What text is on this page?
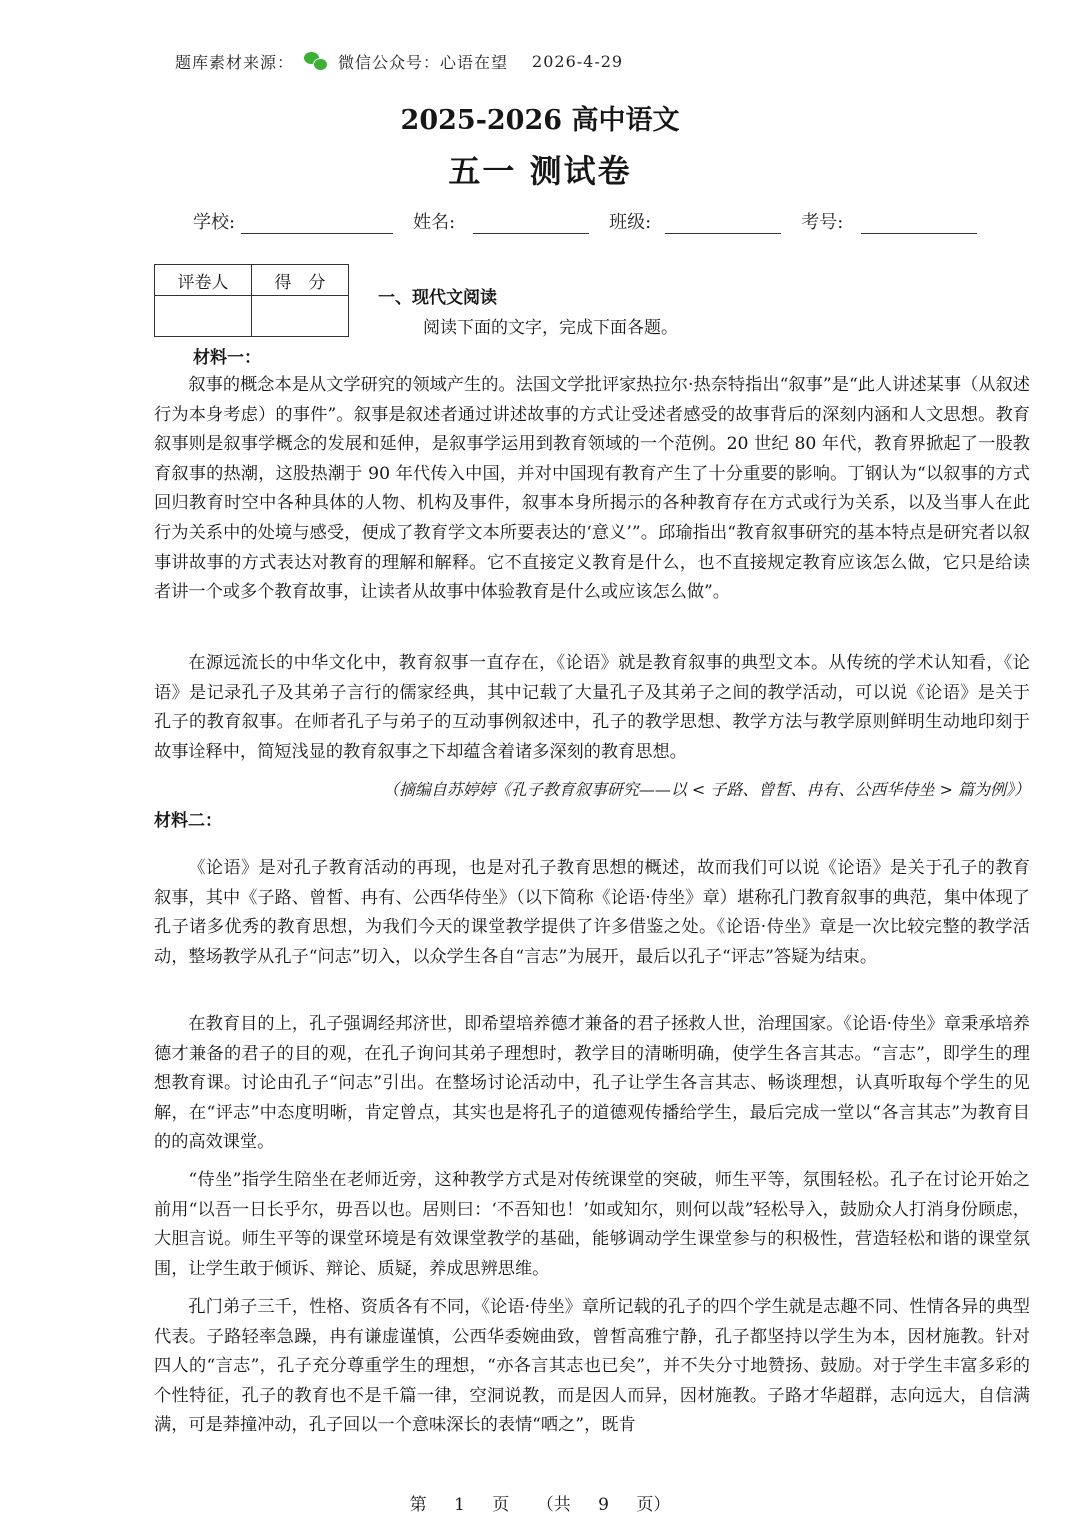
题库素材来源：	微信公众号：心语在望 2026-4-29
2025-2026 高中语文
五一 测试卷
学校:	姓名:	班级:	考号:
评卷人	得　分

一、现代文阅读
阅读下面的文字，完成下面各题。
材料一：

叙事的概念本是从文学研究的领域产生的。法国文学批评家热拉尔·热奈特指出“叙事”是“此人讲述某事（从叙述行为本身考虑）的事件”。叙事是叙述者通过讲述故事的方式让受述者感受的故事背后的深刻内涵和人文思想。教育叙事则是叙事学概念的发展和延伸，是叙事学运用到教育领域的一个范例。20 世纪 80 年代，教育界掀起了一股教育叙事的热潮，这股热潮于 90 年代传入中国，并对中国现有教育产生了十分重要的影响。丁钢认为“以叙事的方式回归教育时空中各种具体的人物、机构及事件，叙事本身所揭示的各种教育存在方式或行为关系，以及当事人在此行为关系中的处境与感受，便成了教育学文本所要表达的‘意义’”。邱瑜指出“教育叙事研究的基本特点是研究者以叙事讲故事的方式表达对教育的理解和解释。它不直接定义教育是什么，也不直接规定教育应该怎么做，它只是给读者讲一个或多个教育故事，让读者从故事中体验教育是什么或应该怎么做”。

在源远流长的中华文化中，教育叙事一直存在，《论语》就是教育叙事的典型文本。从传统的学术认知看，《论语》是记录孔子及其弟子言行的儒家经典，其中记载了大量孔子及其弟子之间的教学活动，可以说《论语》是关于孔子的教育叙事。在师者孔子与弟子的互动事例叙述中，孔子的教学思想、教学方法与教学原则鲜明生动地印刻于故事诠释中，简短浅显的教育叙事之下却蕴含着诸多深刻的教育思想。

（摘编自苏婷婷《孔子教育叙事研究——以 < 子路、曾皙、冉有、公西华侍坐 > 篇为例》）
材料二：

《论语》是对孔子教育活动的再现，也是对孔子教育思想的概述，故而我们可以说《论语》是关于孔子的教育叙事，其中《子路、曾皙、冉有、公西华侍坐》（以下简称《论语·侍坐》章）堪称孔门教育叙事的典范，集中体现了孔子诸多优秀的教育思想，为我们今天的课堂教学提供了许多借鉴之处。《论语·侍坐》章是一次比较完整的教学活动，整场教学从孔子“问志”切入，以众学生各自“言志”为展开，最后以孔子“评志”答疑为结束。

在教育目的上，孔子强调经邦济世，即希望培养德才兼备的君子拯救人世，治理国家。《论语·侍坐》章秉承培养德才兼备的君子的目的观，在孔子询问其弟子理想时，教学目的清晰明确，使学生各言其志。“言志”，即学生的理想教育课。讨论由孔子“问志”引出。在整场讨论活动中，孔子让学生各言其志、畅谈理想，认真听取每个学生的见解，在“评志”中态度明晰，肯定曾点，其实也是将孔子的道德观传播给学生，最后完成一堂以“各言其志”为教育目的的高效课堂。

“侍坐”指学生陪坐在老师近旁，这种教学方式是对传统课堂的突破，师生平等，氛围轻松。孔子在讨论开始之前用“以吾一日长乎尔，毋吾以也。居则曰：‘不吾知也！’如或知尔，则何以哉”轻松导入，鼓励众人打消身份顾虑，大胆言说。师生平等的课堂环境是有效课堂教学的基础，能够调动学生课堂参与的积极性，营造轻松和谐的课堂氛围，让学生敢于倾诉、辩论、质疑，养成思辨思维。

孔门弟子三千，性格、资质各有不同，《论语·侍坐》章所记载的孔子的四个学生就是志趣不同、性情各异的典型代表。子路轻率急躁，冉有谦虚谨慎，公西华委婉曲致，曾皙高雅宁静，孔子都坚持以学生为本，因材施教。针对四人的“言志”，孔子充分尊重学生的理想，“亦各言其志也已矣”，并不失分寸地赞扬、鼓励。对于学生丰富多彩的个性特征，孔子的教育也不是千篇一律，空洞说教，而是因人而异，因材施教。子路才华超群，志向远大，自信满满，可是莽撞冲动，孔子回以一个意味深长的表情“哂之”，既肯

第 1 页 （共 9 页）
